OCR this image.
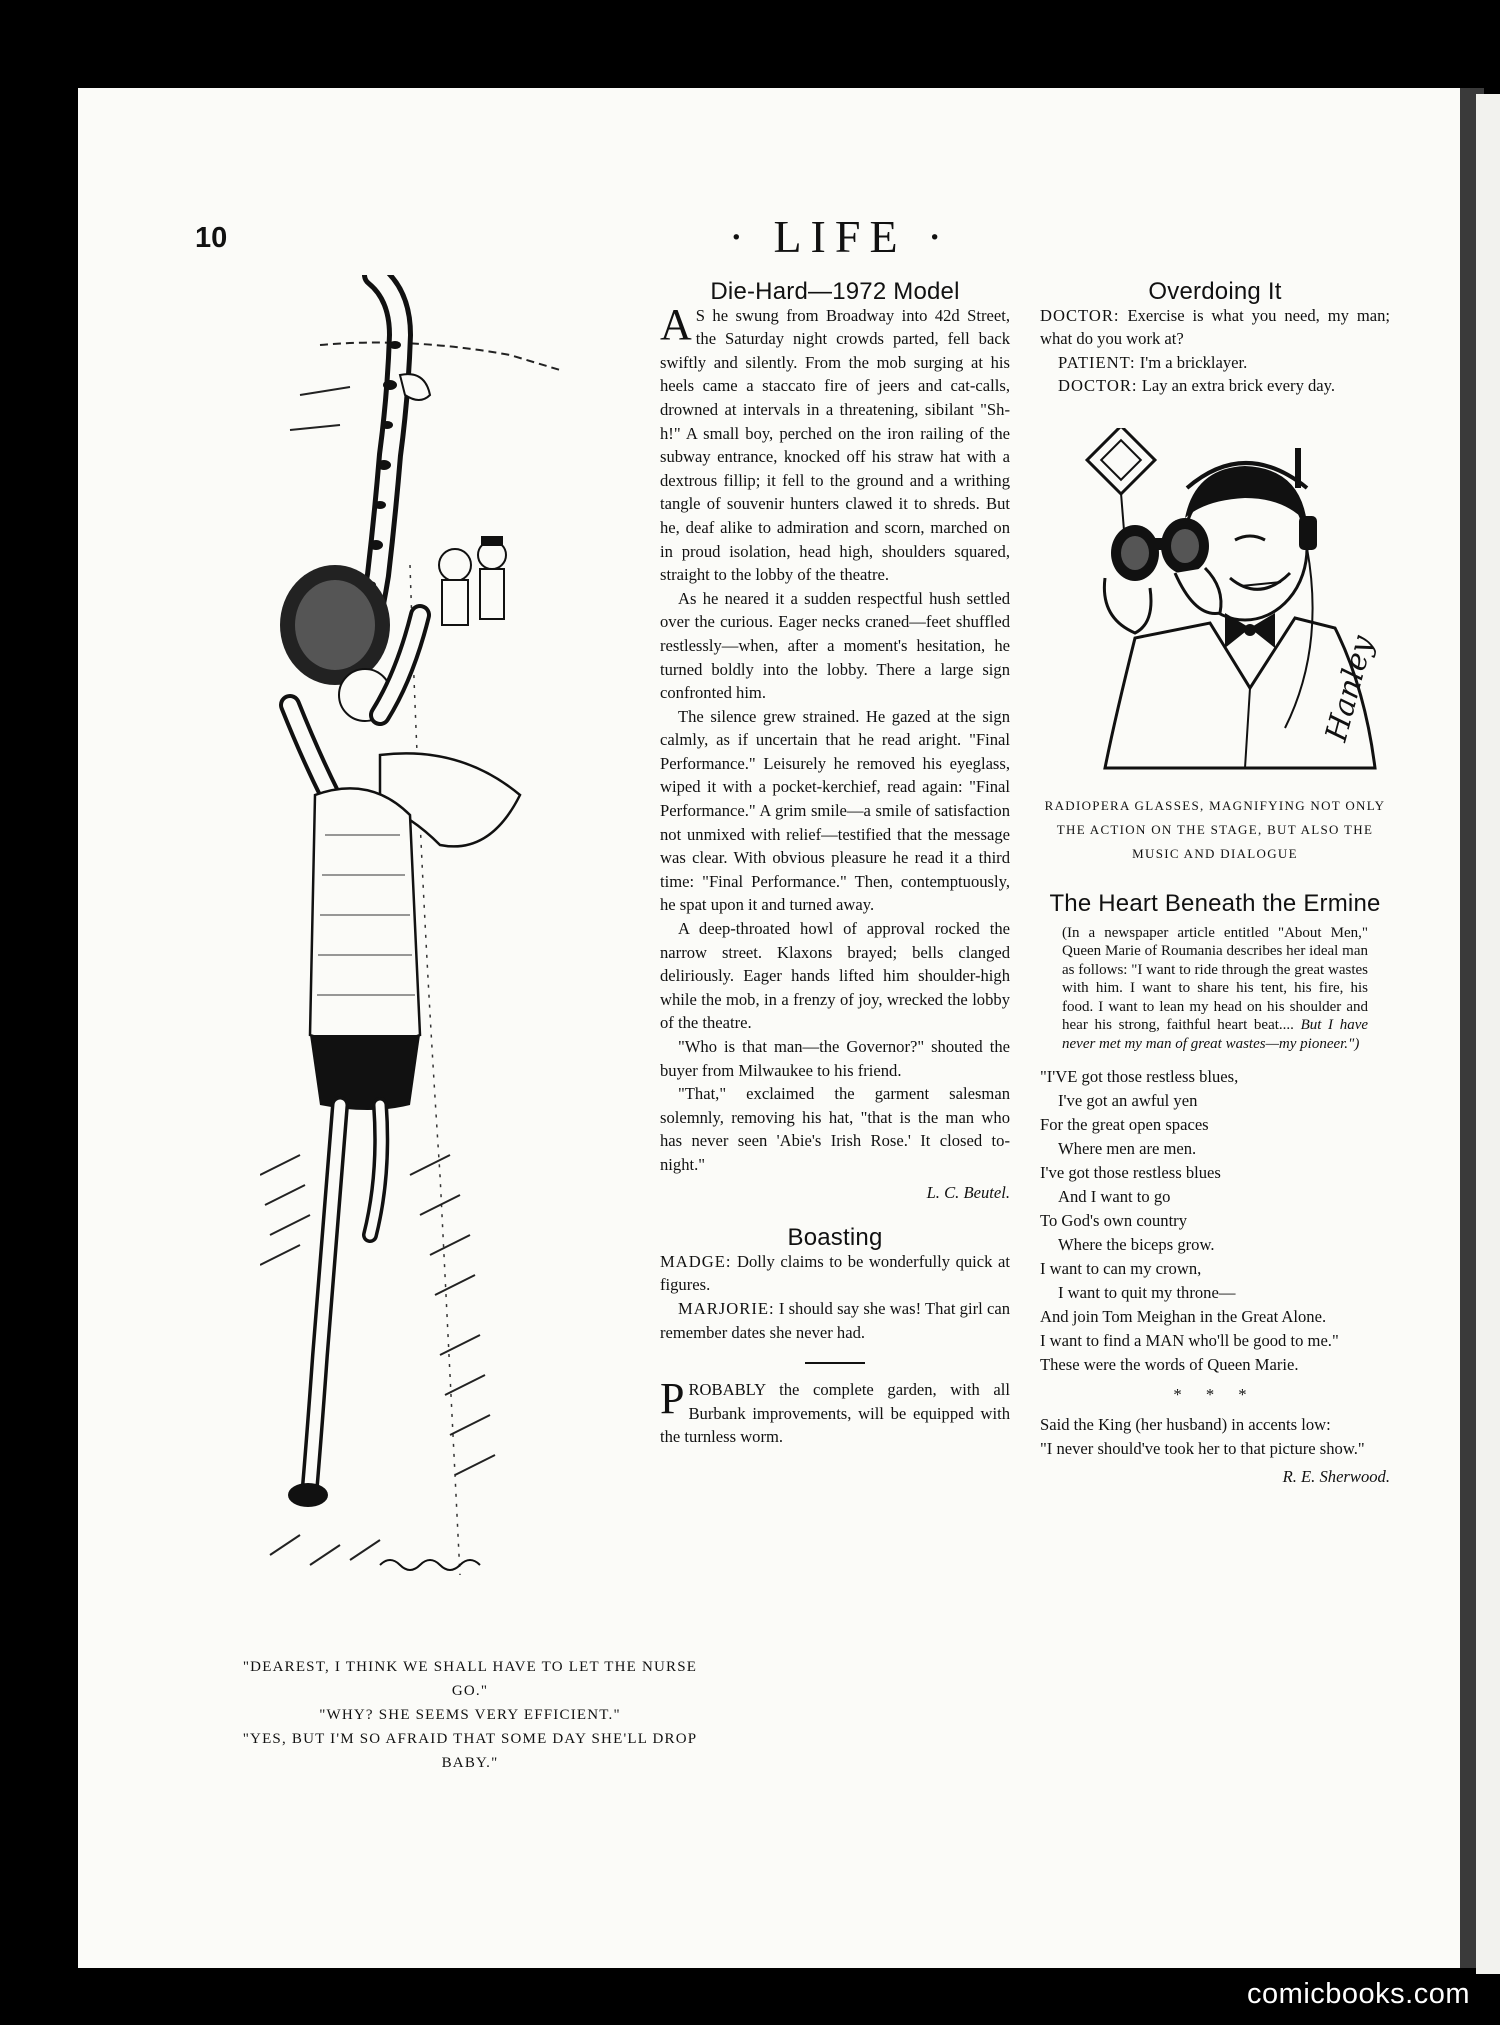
10	· LIFE ·

"DEAREST, I THINK WE SHALL HAVE TO LET THE NURSE GO."

"WHY? SHE SEEMS VERY EFFICIENT."

"YES, BUT I'M SO AFRAID THAT SOME DAY SHE'LL DROP BABY."

Die-Hard—1972 Model

AS he swung from Broadway into 42d Street, the Saturday night crowds parted, fell back swiftly and silently. From the mob surging at his heels came a staccato fire of jeers and cat-calls, drowned at intervals in a threatening, sibilant "Sh-h!" A small boy, perched on the iron railing of the subway entrance, knocked off his straw hat with a dextrous fillip; it fell to the ground and a writhing tangle of souvenir hunters clawed it to shreds. But he, deaf alike to admiration and scorn, marched on in proud isolation, head high, shoulders squared, straight to the lobby of the theatre.

As he neared it a sudden respectful hush settled over the curious. Eager necks craned—feet shuffled restlessly—when, after a moment's hesitation, he turned boldly into the lobby. There a large sign confronted him.

The silence grew strained. He gazed at the sign calmly, as if uncertain that he read aright. "Final Performance." Leisurely he removed his eyeglass, wiped it with a pocket-kerchief, read again: "Final Performance." A grim smile—a smile of satisfaction not unmixed with relief—testified that the message was clear. With obvious pleasure he read it a third time: "Final Performance." Then, contemptuously, he spat upon it and turned away.

A deep-throated howl of approval rocked the narrow street. Klaxons brayed; bells clanged deliriously. Eager hands lifted him shoulder-high while the mob, in a frenzy of joy, wrecked the lobby of the theatre.

"Who is that man—the Governor?" shouted the buyer from Milwaukee to his friend.

"That," exclaimed the garment salesman solemnly, removing his hat, "that is the man who has never seen 'Abie's Irish Rose.' It closed to-night."

L. C. Beutel.
Boasting

MADGE: Dolly claims to be wonderfully quick at figures.

MARJORIE: I should say she was! That girl can remember dates she never had.

PROBABLY the complete garden, with all Burbank improvements, will be equipped with the turnless worm.

Overdoing It

DOCTOR: Exercise is what you need, my man; what do you work at?

PATIENT: I'm a bricklayer.

DOCTOR: Lay an extra brick every day.

Hanley
RADIOPERA GLASSES, MAGNIFYING NOT ONLY THE ACTION ON THE STAGE, BUT ALSO THE MUSIC AND DIALOGUE
The Heart Beneath the Ermine
(In a newspaper article entitled "About Men," Queen Marie of Roumania describes her ideal man as follows: "I want to ride through the great wastes with him. I want to share his tent, his fire, his food. I want to lean my head on his shoulder and hear his strong, faithful heart beat.... But I have never met my man of great wastes—my pioneer.")
"I'VE got those restless blues,
I've got an awful yen
For the great open spaces
Where men are men.
I've got those restless blues
And I want to go
To God's own country
Where the biceps grow.
I want to can my crown,
I want to quit my throne—
And join Tom Meighan in the Great Alone.
I want to find a MAN who'll be good to me."
These were the words of Queen Marie.
* * *
Said the King (her husband) in accents low:
"I never should've took her to that picture show."
R. E. Sherwood.
comicbooks.com
